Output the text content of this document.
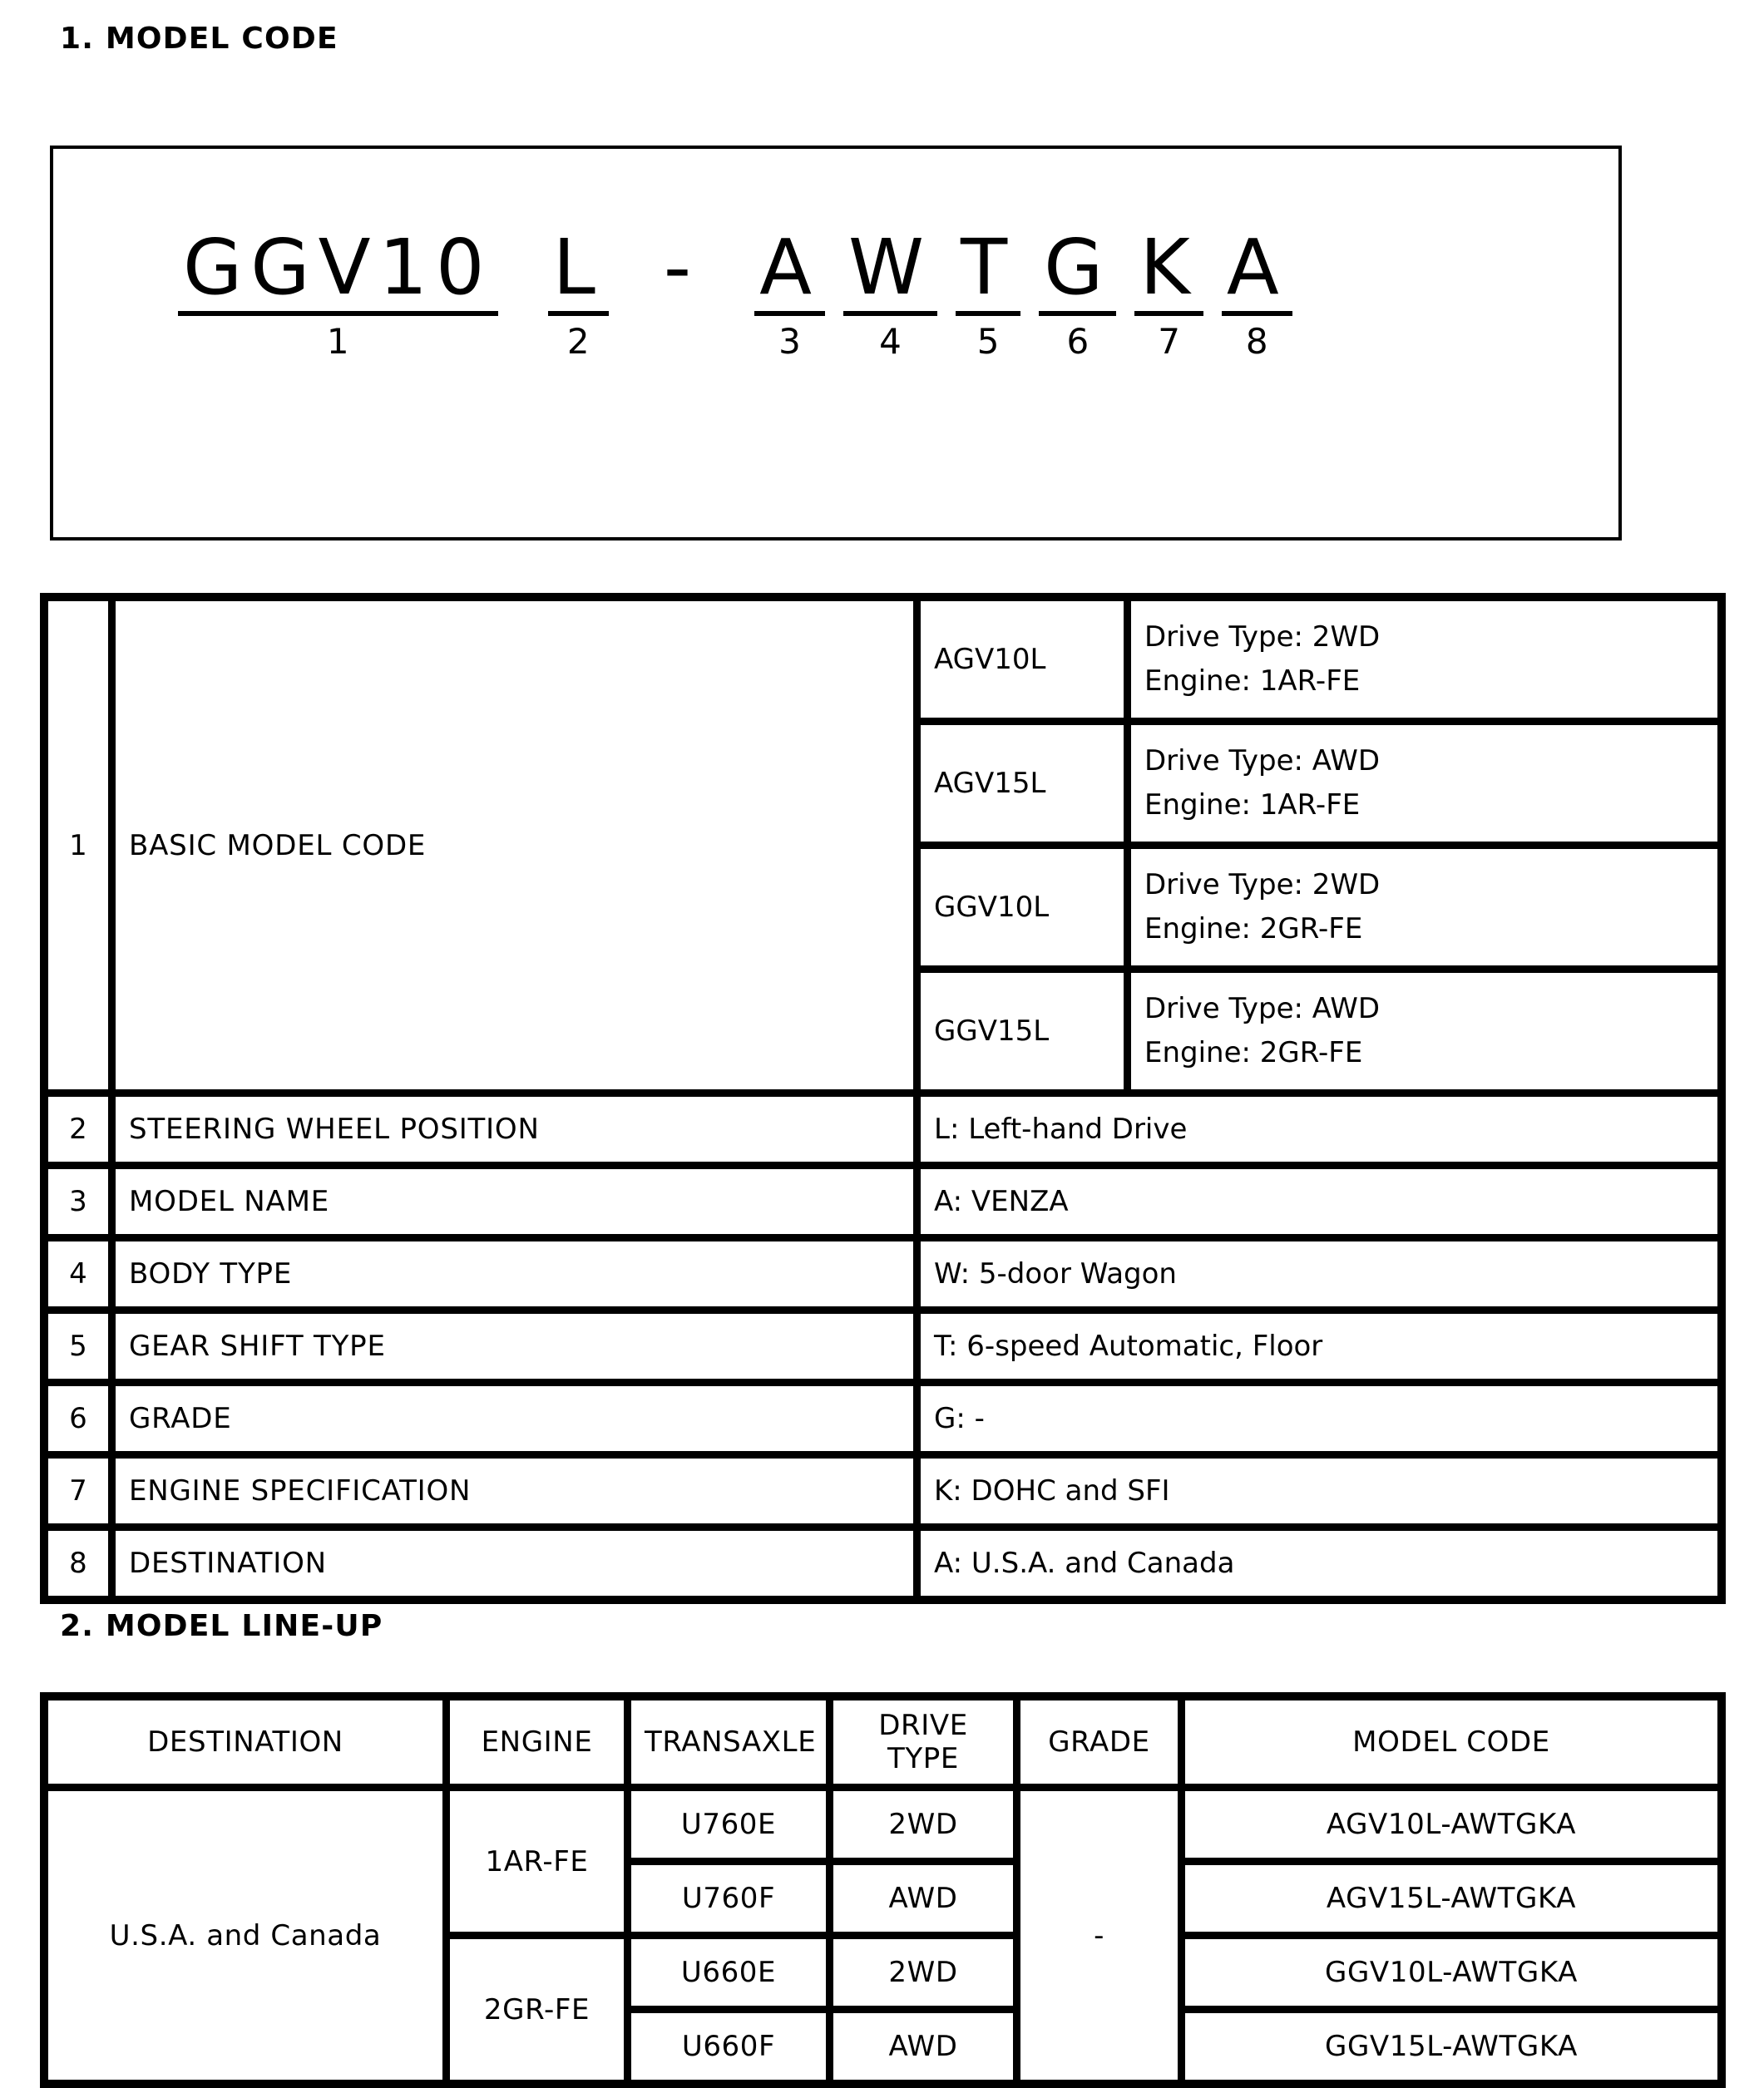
1. MODEL CODE
GGV10
1
L
2
- A
3
W
4
T
5
G
6
K
7
A
8
1	BASIC MODEL CODE	AGV10L	Drive Type: 2WD
Engine: 1AR-FE

		AGV15L	Drive Type: AWD
Engine: 1AR-FE

		GGV10L	Drive Type: 2WD
Engine: 2GR-FE

		GGV15L	Drive Type: AWD
Engine: 2GR-FE

2	STEERING WHEEL POSITION	L: Left-hand Drive	
3	MODEL NAME	A: VENZA	
4	BODY TYPE	W: 5-door Wagon	
5	GEAR SHIFT TYPE	T: 6-speed Automatic, Floor	
6	GRADE	G: -	
7	ENGINE SPECIFICATION	K: DOHC and SFI	
8	DESTINATION	A: U.S.A. and Canada	
2. MODEL LINE-UP
DESTINATION	ENGINE	TRANSAXLE	DRIVE TYPE	GRADE	MODEL CODE
U.S.A. and Canada	1AR-FE	U760E	2WD	-	AGV10L-AWTGKA
		U760F	AWD		AGV15L-AWTGKA
	2GR-FE	U660E	2WD		GGV10L-AWTGKA
		U660F	AWD		GGV15L-AWTGKA
